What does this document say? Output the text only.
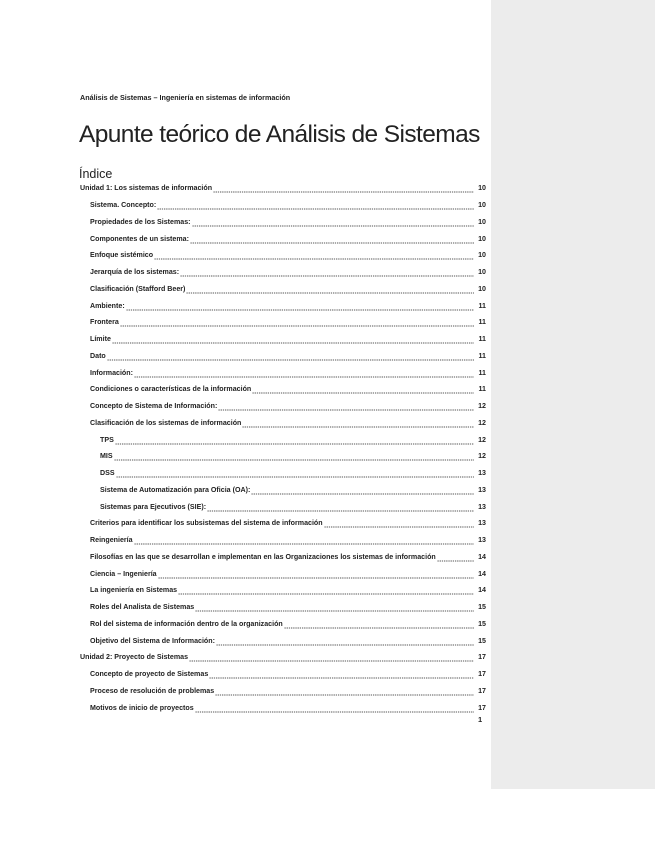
Análisis de Sistemas – Ingeniería en sistemas de información
Apunte teórico de Análisis de Sistemas
Índice
Unidad 1: Los sistemas de información	10
Sistema. Concepto:	10
Propiedades de los Sistemas:	10
Componentes de un sistema:	10
Enfoque sistémico	10
Jerarquía de los sistemas:	10
Clasificación (Stafford Beer)	10
Ambiente:	11
Frontera	11
Límite	11
Dato	11
Información:	11
Condiciones o características de la información	11
Concepto de Sistema de Información:	12
Clasificación de los sistemas de información	12
TPS	12
MIS	12
DSS	13
Sistema de Automatización para Oficia (OA):	13
Sistemas para Ejecutivos (SIE):	13
Criterios para identificar los subsistemas del sistema de información	13
Reingeniería	13
Filosofías en las que se desarrollan e implementan en las Organizaciones los sistemas de información	14
Ciencia – Ingeniería	14
La ingeniería en Sistemas	14
Roles del Analista de Sistemas	15
Rol del sistema de información dentro de la organización	15
Objetivo del Sistema de Información:	15
Unidad 2: Proyecto de Sistemas	17
Concepto de proyecto de Sistemas	17
Proceso de resolución de problemas	17
Motivos de inicio de proyectos	17
1
